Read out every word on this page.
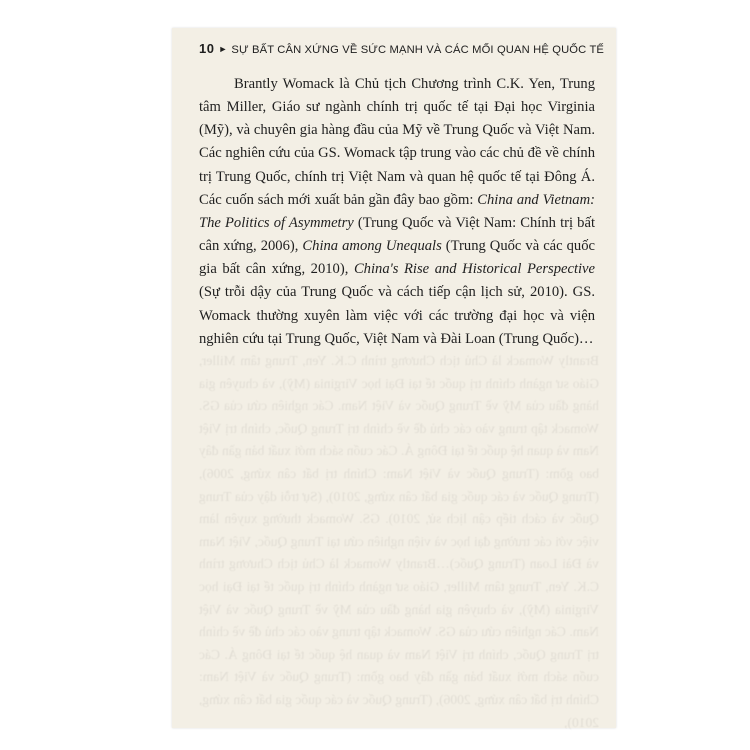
10 ► SỰ BẤT CÂN XỨNG VỀ SỨC MẠNH VÀ CÁC MỐI QUAN HỆ QUỐC TẾ

Brantly Womack là Chủ tịch Chương trình C.K. Yen, Trung tâm Miller, Giáo sư ngành chính trị quốc tế tại Đại học Virginia (Mỹ), và chuyên gia hàng đầu của Mỹ về Trung Quốc và Việt Nam. Các nghiên cứu của GS. Womack tập trung vào các chủ đề về chính trị Trung Quốc, chính trị Việt Nam và quan hệ quốc tế tại Đông Á. Các cuốn sách mới xuất bản gần đây bao gồm: China and Vietnam: The Politics of Asymmetry (Trung Quốc và Việt Nam: Chính trị bất cân xứng, 2006), China among Unequals (Trung Quốc và các quốc gia bất cân xứng, 2010), China's Rise and Historical Perspective (Sự trỗi dậy của Trung Quốc và cách tiếp cận lịch sử, 2010). GS. Womack thường xuyên làm việc với các trường đại học và viện nghiên cứu tại Trung Quốc, Việt Nam và Đài Loan (Trung Quốc)…

Brantly Womack là Chủ tịch Chương trình C.K. Yen, Trung tâm Miller, Giáo sư ngành chính trị quốc tế tại Đại học Virginia (Mỹ), và chuyên gia hàng đầu của Mỹ về Trung Quốc và Việt Nam. Các nghiên cứu của GS. Womack tập trung vào các chủ đề về chính trị Trung Quốc, chính trị Việt Nam và quan hệ quốc tế tại Đông Á. Các cuốn sách mới xuất bản gần đây bao gồm: (Trung Quốc và Việt Nam: Chính trị bất cân xứng, 2006), (Trung Quốc và các quốc gia bất cân xứng, 2010), (Sự trỗi dậy của Trung Quốc và cách tiếp cận lịch sử, 2010). GS. Womack thường xuyên làm việc với các trường đại học và viện nghiên cứu tại Trung Quốc, Việt Nam và Đài Loan (Trung Quốc)…Brantly Womack là Chủ tịch Chương trình C.K. Yen, Trung tâm Miller, Giáo sư ngành chính trị quốc tế tại Đại học Virginia (Mỹ), và chuyên gia hàng đầu của Mỹ về Trung Quốc và Việt Nam. Các nghiên cứu của GS. Womack tập trung vào các chủ đề về chính trị Trung Quốc, chính trị Việt Nam và quan hệ quốc tế tại Đông Á. Các cuốn sách mới xuất bản gần đây bao gồm: (Trung Quốc và Việt Nam: Chính trị bất cân xứng, 2006), (Trung Quốc và các quốc gia bất cân xứng, 2010),
